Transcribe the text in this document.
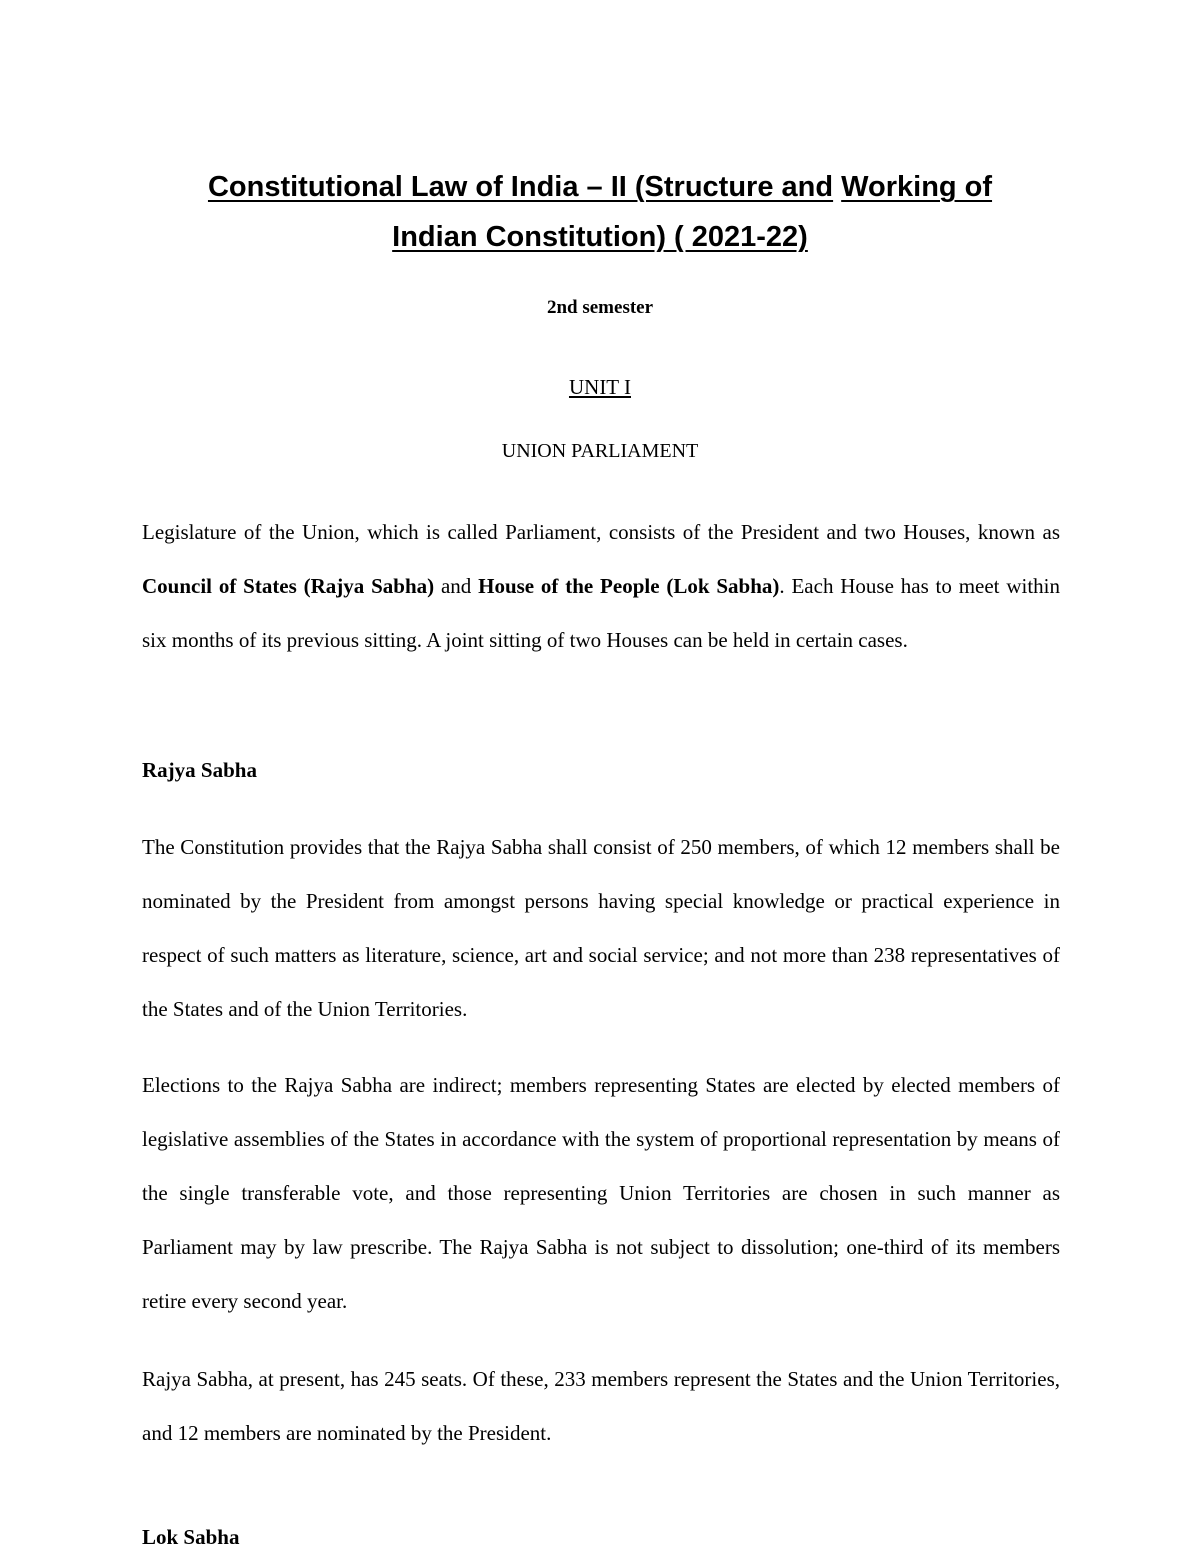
Constitutional Law of India – II (Structure and Working of
Indian Constitution) ( 2021-22)

2nd semester

UNIT I

UNION PARLIAMENT

Legislature of the Union, which is called Parliament, consists of the President and two Houses, known as Council of States (Rajya Sabha) and House of the People (Lok Sabha). Each House has to meet within six months of its previous sitting. A joint sitting of two Houses can be held in certain cases.

Rajya Sabha

The Constitution provides that the Rajya Sabha shall consist of 250 members, of which 12 members shall be nominated by the President from amongst persons having special knowledge or practical experience in respect of such matters as literature, science, art and social service; and not more than 238 representatives of the States and of the Union Territories.

Elections to the Rajya Sabha are indirect; members representing States are elected by elected members of legislative assemblies of the States in accordance with the system of proportional representation by means of the single transferable vote, and those representing Union Territories are chosen in such manner as Parliament may by law prescribe. The Rajya Sabha is not subject to dissolution; one-third of its members retire every second year.

Rajya Sabha, at present, has 245 seats. Of these, 233 members represent the States and the Union Territories, and 12 members are nominated by the President.

Lok Sabha
